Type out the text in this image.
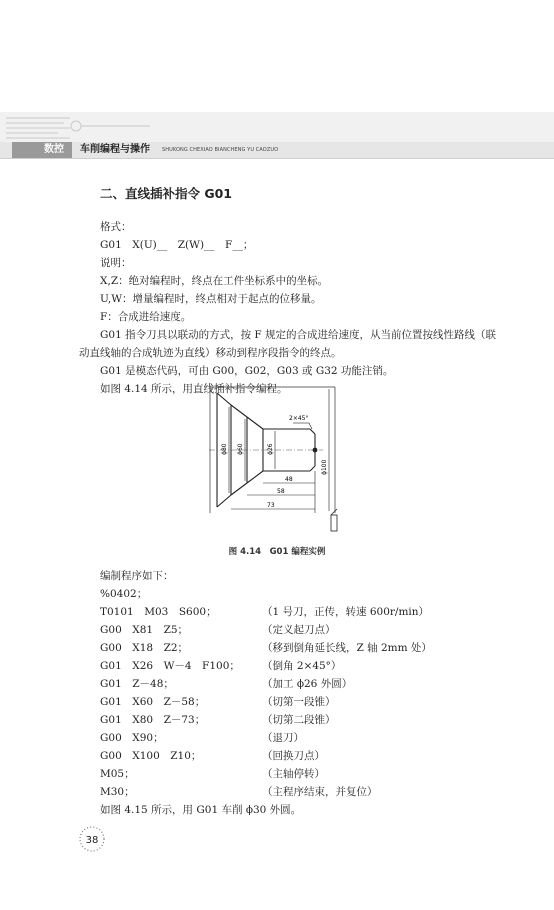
数控	车削编程与操作 SHUKONG CHEXIAO BIANCHENG YU CAOZUO
二、直线插补指令 G01
格式：
G01　X(U)__　Z(W)__　F__；
说明：
X,Z：绝对编程时，终点在工件坐标系中的坐标。
U,W：增量编程时，终点相对于起点的位移量。
F：合成进给速度。
G01 指令刀具以联动的方式，按 F 规定的合成进给速度，从当前位置按线性路线（联
动直线轴的合成轨迹为直线）移动到程序段指令的终点。
G01 是模态代码，可由 G00，G02，G03 或 G32 功能注销。
如图 4.14 所示，用直线插补指令编程。
ϕ80 ϕ60	ϕ26
ϕ100
2×45°
48
58
73
图 4.14　G01 编程实例
编制程序如下：
%0402；
T0101　M03　S600；	（1 号刀，正传，转速 600r/min）
G00　X81　Z5；	（定义起刀点）
G00　X18　Z2；	（移到倒角延长线，Z 轴 2mm 处）
G01　X26　W－4　F100； （倒角 2×45°）
G01　Z－48；	（加工 ϕ26 外圆）
G01　X60　Z－58；	（切第一段锥）
G01　X80　Z－73；	（切第二段锥）
G00　X90；	（退刀）
G00　X100　Z10；	（回换刀点）
M05；	（主轴停转）
M30；	（主程序结束，并复位）
如图 4.15 所示，用 G01 车削 ϕ30 外圆。
38
